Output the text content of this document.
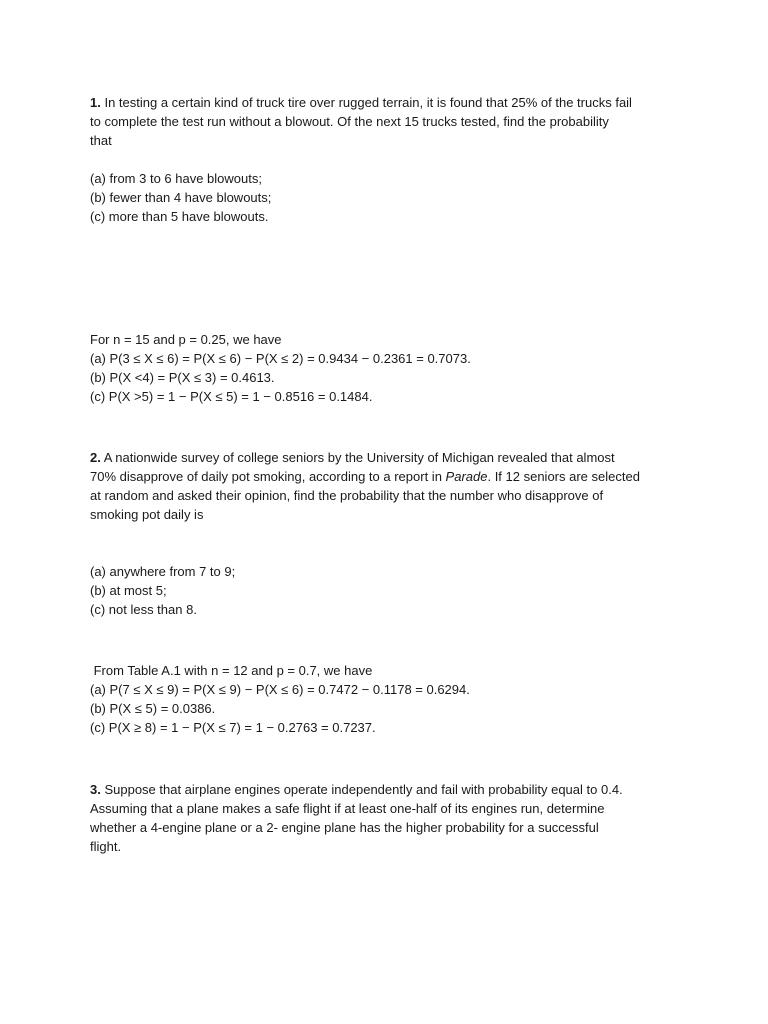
1. In testing a certain kind of truck tire over rugged terrain, it is found that 25% of the trucks fail
to complete the test run without a blowout. Of the next 15 trucks tested, find the probability
that
(a) from 3 to 6 have blowouts;
(b) fewer than 4 have blowouts;
(c) more than 5 have blowouts.
For n = 15 and p = 0.25, we have
(a) P(3 ≤ X ≤ 6) = P(X ≤ 6) − P(X ≤ 2) = 0.9434 − 0.2361 = 0.7073.
(b) P(X <4) = P(X ≤ 3) = 0.4613.
(c) P(X >5) = 1 − P(X ≤ 5) = 1 − 0.8516 = 0.1484.
2. A nationwide survey of college seniors by the University of Michigan revealed that almost
70% disapprove of daily pot smoking, according to a report in Parade. If 12 seniors are selected
at random and asked their opinion, find the probability that the number who disapprove of
smoking pot daily is
(a) anywhere from 7 to 9;
(b) at most 5;
(c) not less than 8.
From Table A.1 with n = 12 and p = 0.7, we have
(a) P(7 ≤ X ≤ 9) = P(X ≤ 9) − P(X ≤ 6) = 0.7472 − 0.1178 = 0.6294.
(b) P(X ≤ 5) = 0.0386.
(c) P(X ≥ 8) = 1 − P(X ≤ 7) = 1 − 0.2763 = 0.7237.
3. Suppose that airplane engines operate independently and fail with probability equal to 0.4.
Assuming that a plane makes a safe flight if at least one-half of its engines run, determine
whether a 4-engine plane or a 2- engine plane has the higher probability for a successful
flight.
